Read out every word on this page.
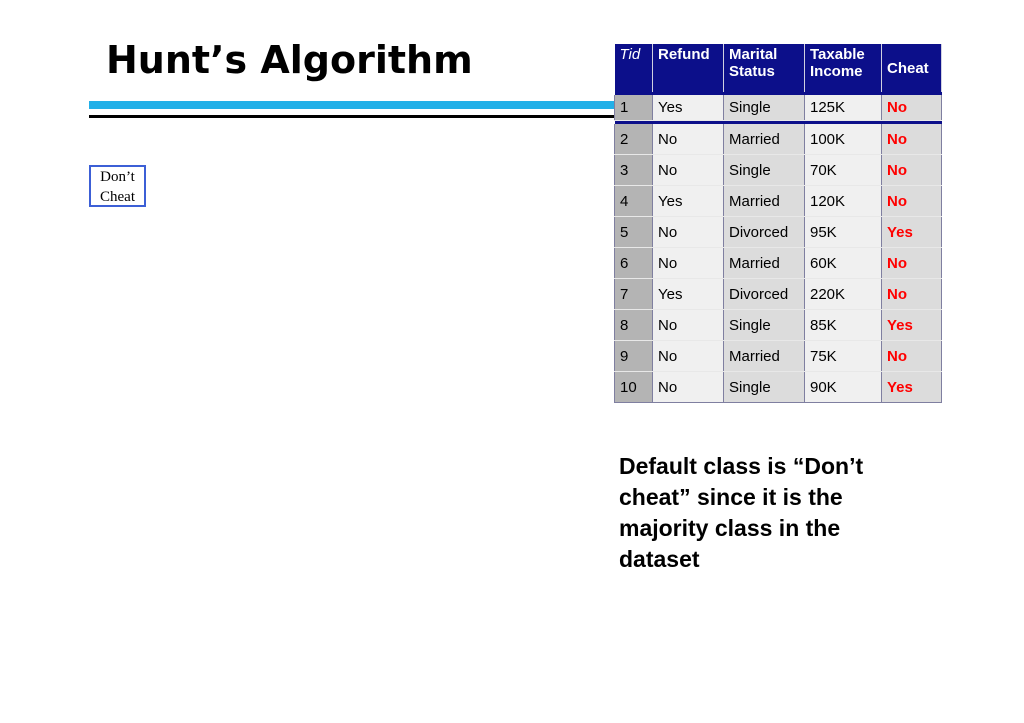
Hunt’s Algorithm
Don’t
Cheat
Tid	Refund	Marital Status	Taxable Income	Cheat

1	Yes	Single	125K	No

2	No	Married	100K	No
3	No	Single	70K	No
4	Yes	Married	120K	No
5	No	Divorced	95K	Yes
6	No	Married	60K	No
7	Yes	Divorced	220K	No
8	No	Single	85K	Yes
9	No	Married	75K	No
10	No	Single	90K	Yes
Default class is “Don’t cheat” since it is the majority class in the dataset
